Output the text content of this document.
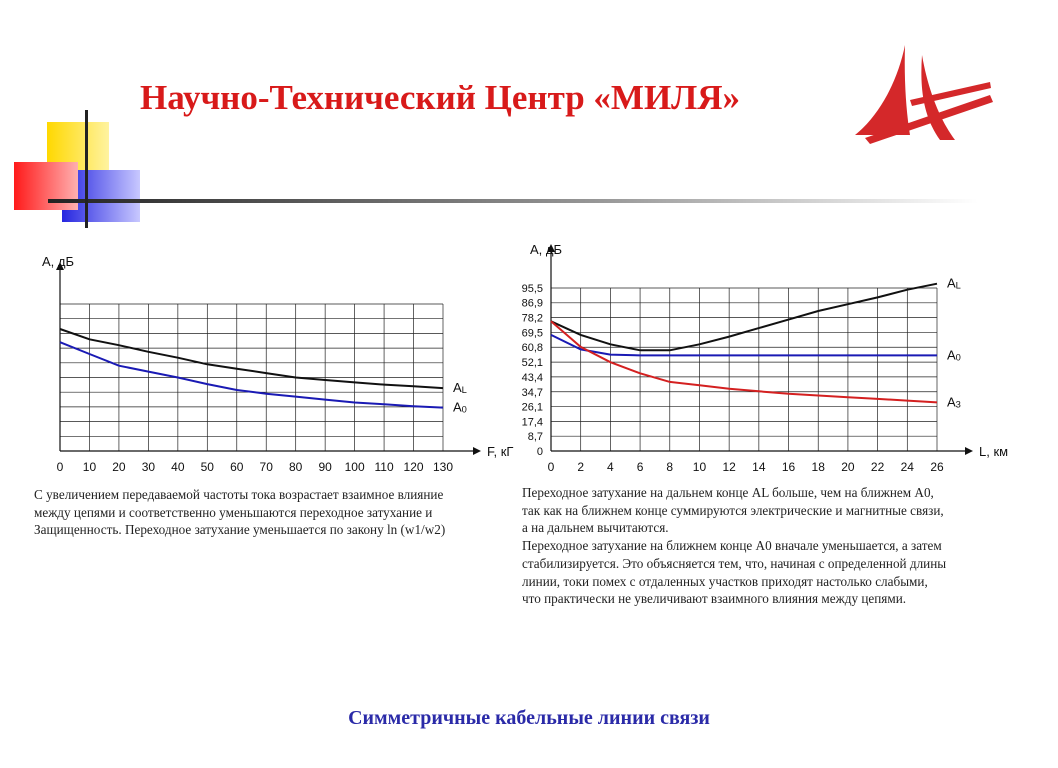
Научно-Технический Центр «МИЛЯ»
А, дБ
F, кГ
0 10 20 30 40 50 60 70 80 90 100 110 120 130
АL
А0
А, дБ
L, км
0 2 4 6 8 10 12 14 16 18 20 22 24 26
0
8,7
17,4
26,1
34,7
43,4
52,1
60,8
69,5
78,2
86,9
95,5	АL
А0
А3
С увеличением передаваемой частоты тока возрастает взаимное влияние
между цепями и соответственно уменьшаются переходное затухание и
Защищенность. Переходное затухание уменьшается по закону ln (w1/w2)
Переходное затухание на дальнем конце АL больше, чем на ближнем А0,
так как на ближнем конце суммируются электрические и магнитные связи,
а на дальнем вычитаются.
Переходное затухание на ближнем конце А0 вначале уменьшается, а затем
стабилизируется. Это объясняется тем, что, начиная с определенной длины
линии, токи помех с отдаленных участков приходят настолько слабыми,
что практически не увеличивают взаимного влияния между цепями.
Симметричные кабельные линии связи
